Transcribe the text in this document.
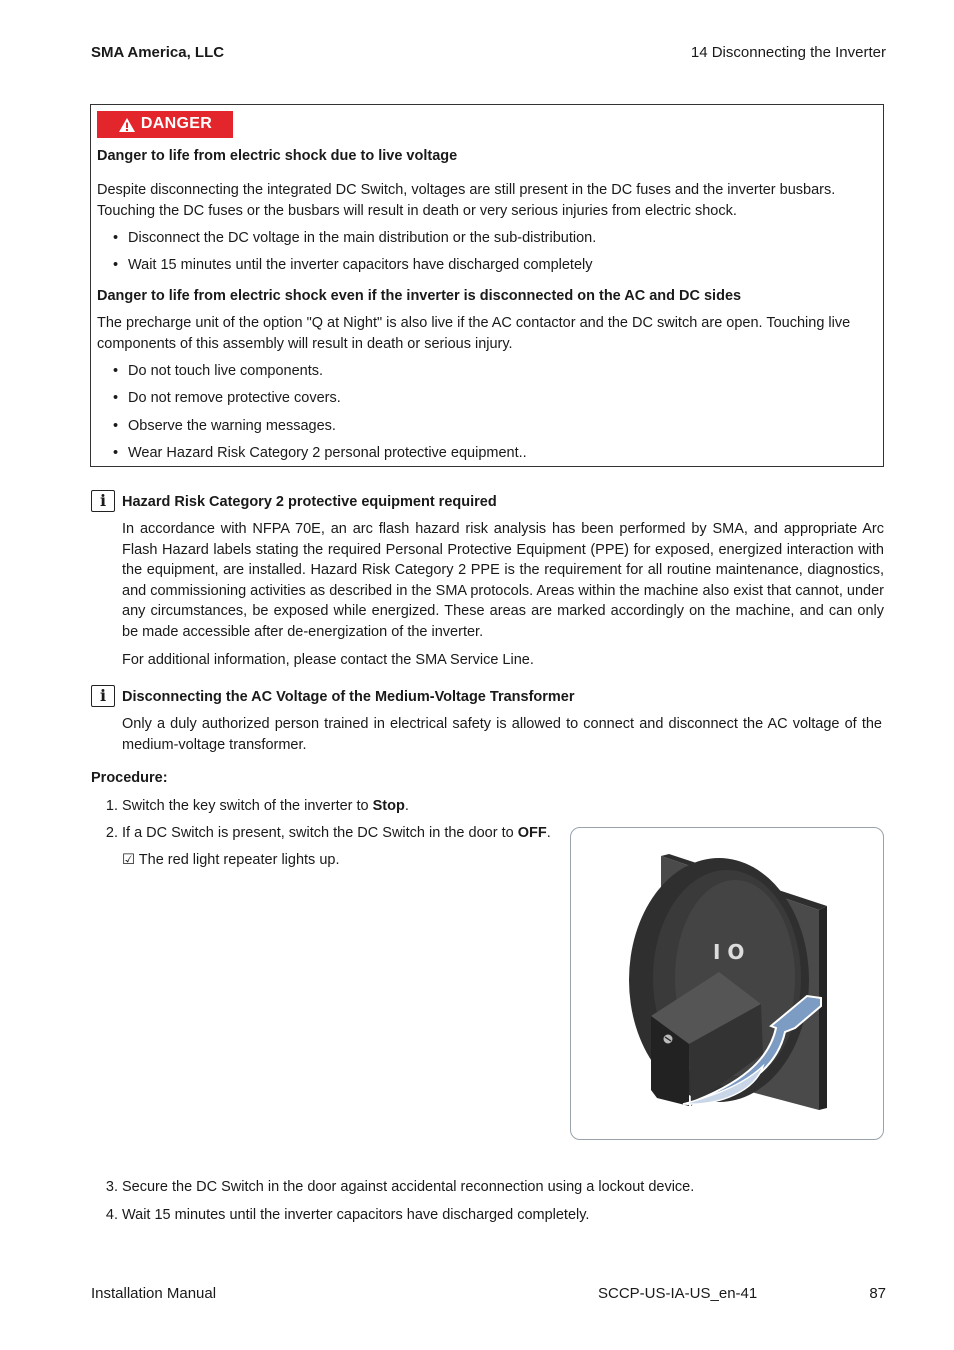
SMA America, LLC	14 Disconnecting the Inverter
DANGER
Danger to life from electric shock due to live voltage
Despite disconnecting the integrated DC Switch, voltages are still present in the DC fuses and the inverter busbars. Touching the DC fuses or the busbars will result in death or very serious injuries from electric shock.
• Disconnect the DC voltage in the main distribution or the sub-distribution.
• Wait 15 minutes until the inverter capacitors have discharged completely
Danger to life from electric shock even if the inverter is disconnected on the AC and DC sides
The precharge unit of the option "Q at Night" is also live if the AC contactor and the DC switch are open. Touching live components of this assembly will result in death or serious injury.
• Do not touch live components.
• Do not remove protective covers.
• Observe the warning messages.
• Wear Hazard Risk Category 2 personal protective equipment..
i	Hazard Risk Category 2 protective equipment required
In accordance with NFPA 70E, an arc flash hazard risk analysis has been performed by SMA, and appropriate Arc Flash Hazard labels stating the required Personal Protective Equipment (PPE) for exposed, energized interaction with the equipment, are installed. Hazard Risk Category 2 PPE is the requirement for all routine maintenance, diagnostics, and commissioning activities as described in the SMA protocols. Areas within the machine also exist that cannot, under any circumstances, be exposed while energized. These areas are marked accordingly on the machine, and can only be made accessible after de-energization of the inverter.
For additional information, please contact the SMA Service Line.
i	Disconnecting the AC Voltage of the Medium-Voltage Transformer
Only a duly authorized person trained in electrical safety is allowed to connect and disconnect the AC voltage of the medium-voltage transformer.
Procedure:
1. Switch the key switch of the inverter to Stop.
2. If a DC Switch is present, switch the DC Switch in the door to OFF.
☑ The red light repeater lights up.
I O
3. Secure the DC Switch in the door against accidental reconnection using a lockout device.
4. Wait 15 minutes until the inverter capacitors have discharged completely.
Installation Manual	SCCP-US-IA-US_en-41	87
